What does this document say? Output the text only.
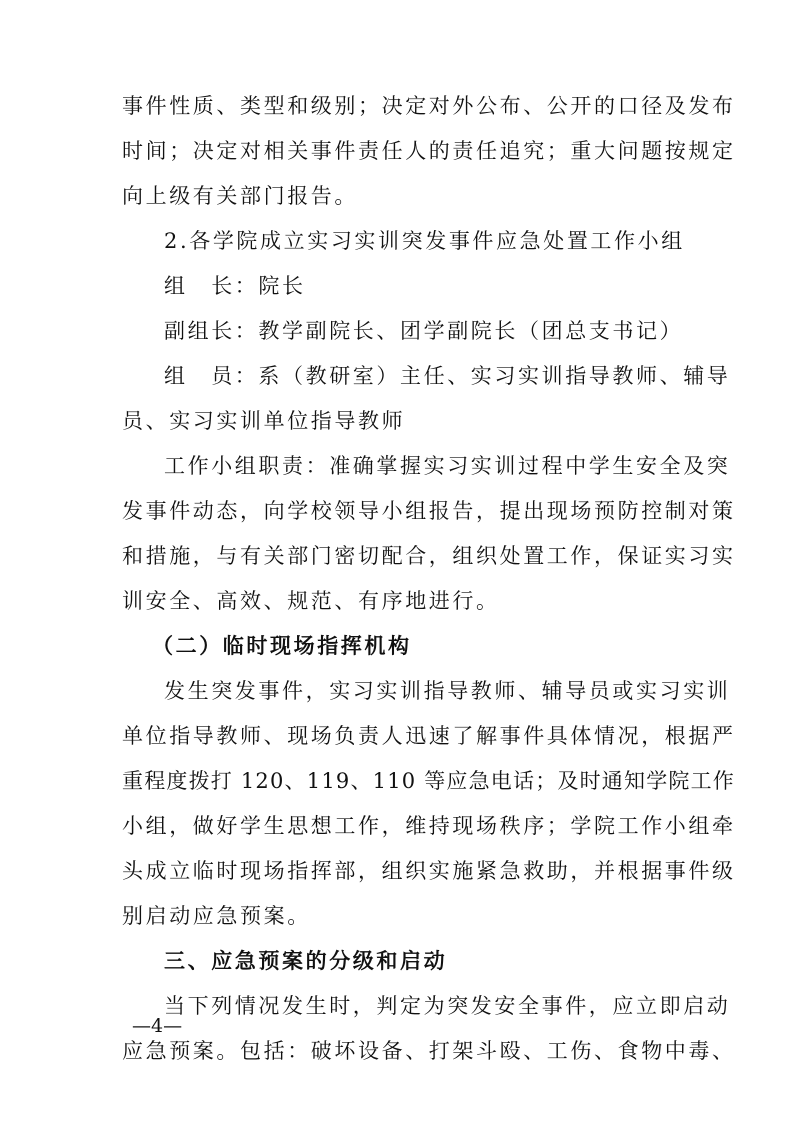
事件性质、类型和级别；决定对外公布、公开的口径及发布
时间；决定对相关事件责任人的责任追究；重大问题按规定
向上级有关部门报告。
2.各学院成立实习实训突发事件应急处置工作小组
组　长：院长
副组长：教学副院长、团学副院长（团总支书记）
组　员：系（教研室）主任、实习实训指导教师、辅导
员、实习实训单位指导教师
工作小组职责：准确掌握实习实训过程中学生安全及突
发事件动态，向学校领导小组报告，提出现场预防控制对策
和措施，与有关部门密切配合，组织处置工作，保证实习实
训安全、高效、规范、有序地进行。
（二）临时现场指挥机构
发生突发事件，实习实训指导教师、辅导员或实习实训
单位指导教师、现场负责人迅速了解事件具体情况，根据严
重程度拨打 120、119、110 等应急电话；及时通知学院工作
小组，做好学生思想工作，维持现场秩序；学院工作小组牵
头成立临时现场指挥部，组织实施紧急救助，并根据事件级
别启动应急预案。
三、应急预案的分级和启动
当下列情况发生时，判定为突发安全事件，应立即启动
应急预案。包括：破坏设备、打架斗殴、工伤、食物中毒、
—4—
